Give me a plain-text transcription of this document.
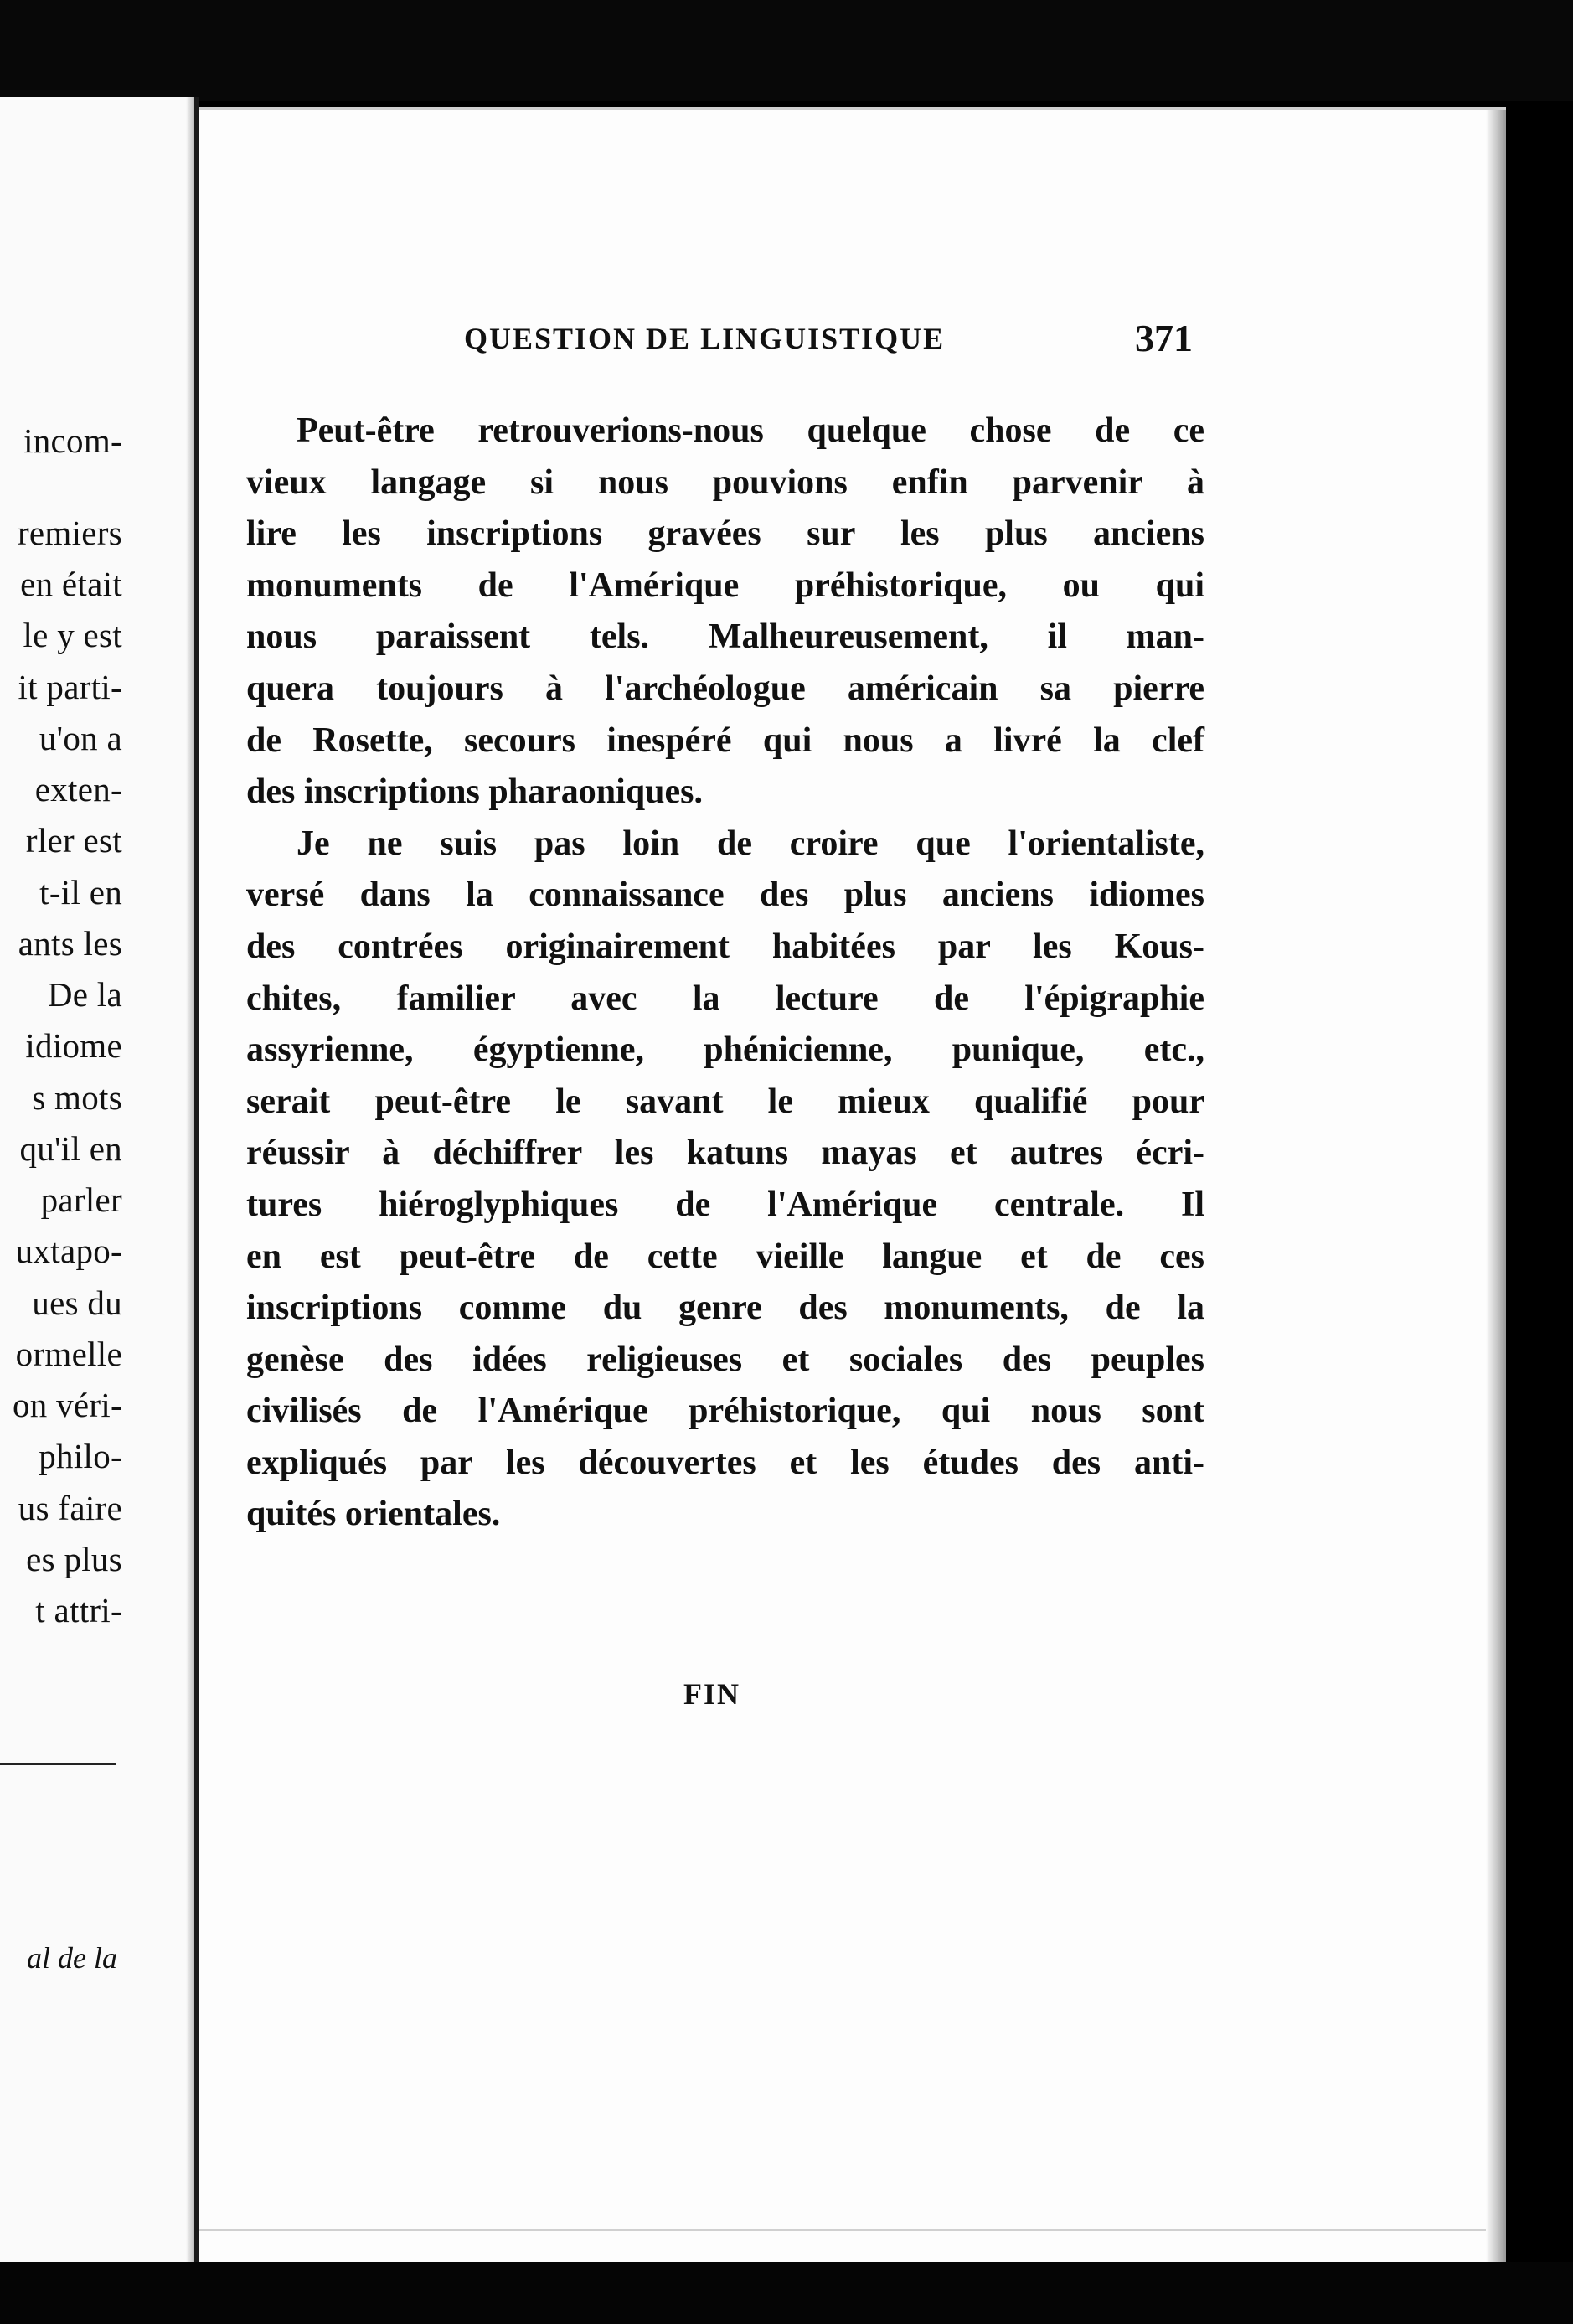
incom-
remiers
en était
le y est
it parti-
u'on a
exten-
rler est
t-il en
ants les
De la
idiome
s mots
qu'il en
parler
uxtapo-
ues du
ormelle
on véri-
philo-
us faire
es plus
t attri-
al de la
QUESTION DE LINGUISTIQUE	371
Peut-être retrouverions-nous quelque chose de ce
vieux langage si nous pouvions enfin parvenir à
lire les inscriptions gravées sur les plus anciens
monuments de l'Amérique préhistorique, ou qui
nous paraissent tels. Malheureusement, il man-
quera toujours à l'archéologue américain sa pierre
de Rosette, secours inespéré qui nous a livré la clef
des inscriptions pharaoniques.
Je ne suis pas loin de croire que l'orientaliste,
versé dans la connaissance des plus anciens idiomes
des contrées originairement habitées par les Kous-
chites, familier avec la lecture de l'épigraphie
assyrienne, égyptienne, phénicienne, punique, etc.,
serait peut-être le savant le mieux qualifié pour
réussir à déchiffrer les katuns mayas et autres écri-
tures hiéroglyphiques de l'Amérique centrale. Il
en est peut-être de cette vieille langue et de ces
inscriptions comme du genre des monuments, de la
genèse des idées religieuses et sociales des peuples
civilisés de l'Amérique préhistorique, qui nous sont
expliqués par les découvertes et les études des anti-
quités orientales.
FIN
